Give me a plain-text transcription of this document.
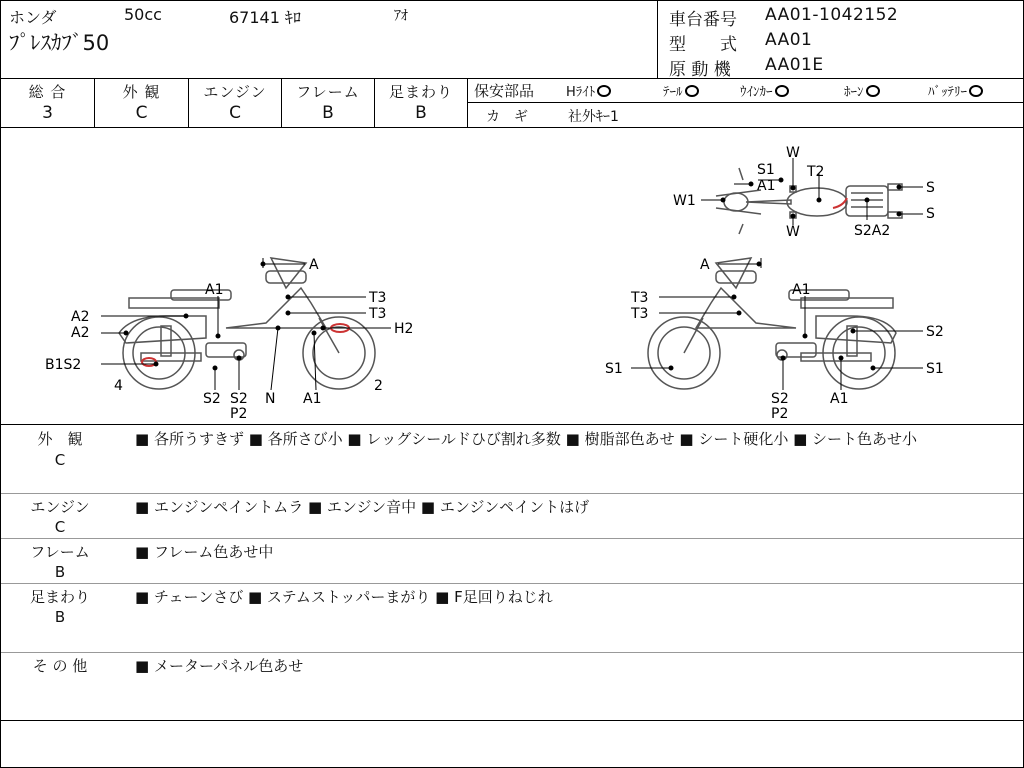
ホンダ	50cc	67141 ｷﾛ	ｱｵ
ﾌﾟﾚｽｶﾌﾞ50
車台番号 AA01-1042152
型　　式 AA01
原 動 機 AA01E
総 合
3
外 観
C
エンジン
C
フレーム
B
足まわり
B
保安部品 Hﾗｲﾄ	ﾃｰﾙ	ｳｲﾝｶｰ	ﾎｰﾝ	ﾊﾞｯﾃﾘｰ
カ　ギ	社外ｷｰ1
A
A1	T3
T3
H2
A2
A2
B1S2
4
S2 S2
P2
N A1
2
A
A1
T3
T3
S2
S1	S1
S2
P2
A1
W
S1
A1
T2
W1
W
S
S
S2A2
外　観
C
■ 各所うすきず ■ 各所さび小 ■ レッグシールドひび割れ多数 ■ 樹脂部色あせ ■ シート硬化小 ■ シート色あせ小
エンジン
C
■ エンジンペイントムラ ■ エンジン音中 ■ エンジンペイントはげ
フレーム
B
■ フレーム色あせ中
足まわり
B
■ チェーンさび ■ ステムストッパーまがり ■ F足回りねじれ
そ の 他	■ メーターパネル色あせ
